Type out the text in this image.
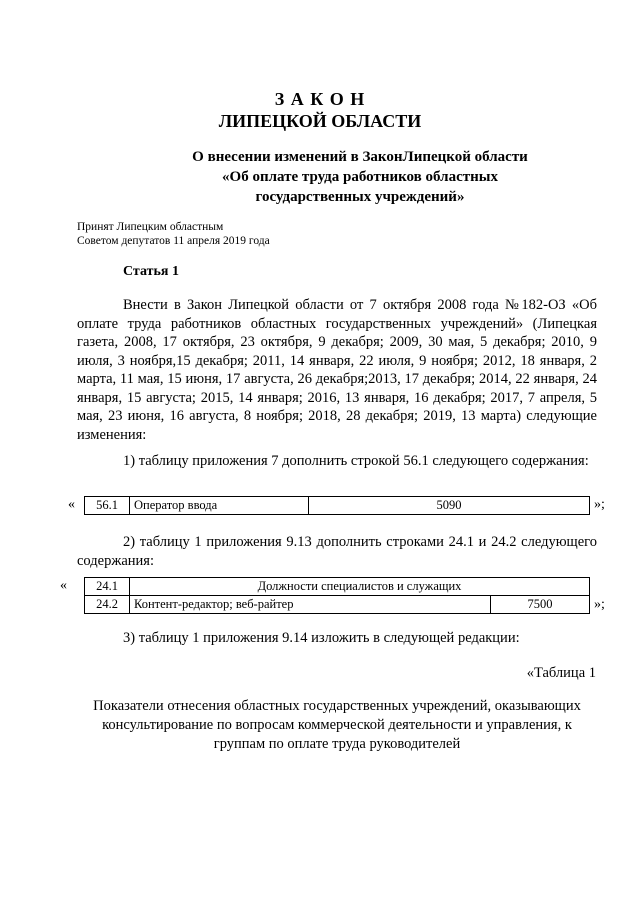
З А К О Н
ЛИПЕЦКОЙ ОБЛАСТИ
О внесении изменений в ЗаконЛипецкой области
«Об оплате труда работников областных
государственных учреждений»
Принят Липецким областным
Советом депутатов 11 апреля 2019 года
Статья 1
Внести в Закон Липецкой области от 7 октября 2008 года №182-ОЗ «Об оплате труда работников областных государственных учреждений» (Липецкая газета, 2008, 17 октября, 23 октября, 9 декабря; 2009, 30 мая, 5 декабря; 2010, 9 июля, 3 ноября,15 декабря; 2011, 14 января, 22 июля, 9 ноября; 2012, 18 января, 2 марта, 11 мая, 15 июня, 17 августа, 26 декабря;2013, 17 декабря; 2014, 22 января, 24 января, 15 августа; 2015, 14 января; 2016, 13 января, 16 декабря; 2017, 7 апреля, 5 мая, 23 июня, 16 августа, 8 ноября; 2018, 28 декабря; 2019, 13 марта) следующие изменения:
1) таблицу приложения 7 дополнить строкой 56.1 следующего содержания:
« 56.1	Оператор ввода	5090	»;
2) таблицу 1 приложения 9.13 дополнить строками 24.1 и 24.2 следующего содержания:
« 24.1	Должности специалистов и служащих	
24.2	Контент-редактор; веб-райтер	7500	»;
3) таблицу 1 приложения 9.14 изложить в следующей редакции:
«Таблица 1
Показатели отнесения областных государственных учреждений, оказывающих консультирование по вопросам коммерческой деятельности и управления, к группам по оплате труда руководителей
